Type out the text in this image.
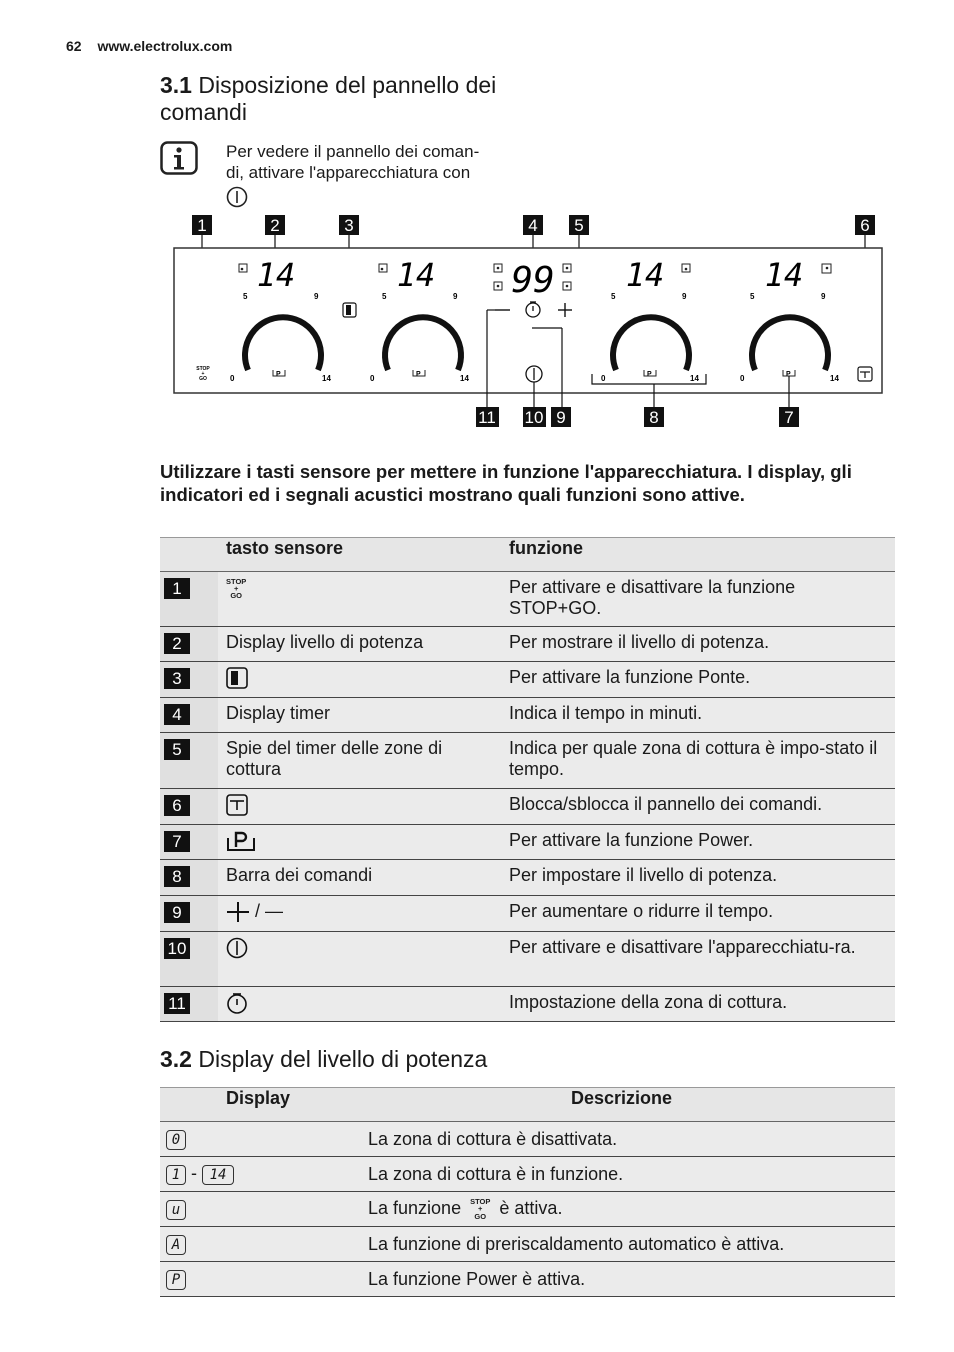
62 www.electrolux.com
3.1 Disposizione del pannello dei comandi
Per vedere il pannello dei coman-
di, attivare l'apparecchiatura con
1	2	3	4 5	6
14
5	9
0	14
P
STOP
+
GO
14
5	9
0	14
P
99 14
5	9
0	14
P
14
5	9
0	14
P
11 10 9	8	7
Utilizzare i tasti sensore per mettere in funzione l'apparecchiatura. I display, gli indicatori ed i segnali acustici mostrano quali funzioni sono attive.
	tasto sensore	funzione
1	STOP
+
GO	Per attivare e disattivare la funzione STOP+GO.
2	Display livello di potenza	Per mostrare il livello di potenza.
3		Per attivare la funzione Ponte.
4	Display timer	Indica il tempo in minuti.
5	Spie del timer delle zone di cottura	Indica per quale zona di cottura è impo-stato il tempo.
6		Blocca/sblocca il pannello dei comandi.
7		Per attivare la funzione Power.
8	Barra dei comandi	Per impostare il livello di potenza.
9	/ —	Per aumentare o ridurre il tempo.
10		Per attivare e disattivare l'apparecchiatu-ra.
11		Impostazione della zona di cottura.
3.2 Display del livello di potenza
Display	Descrizione
0	La zona di cottura è disattivata.
1 - 14	La zona di cottura è in funzione.
u	La funzione STOP
+
GO è attiva.
A	La funzione di preriscaldamento automatico è attiva.
P	La funzione Power è attiva.
